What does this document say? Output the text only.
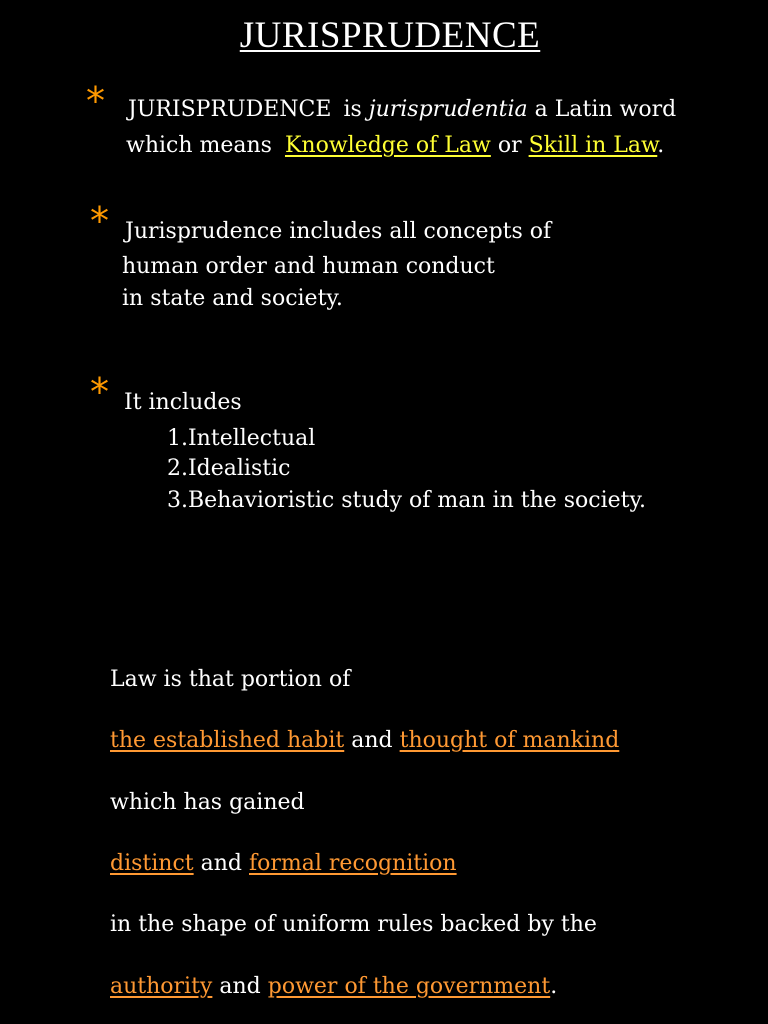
JURISPRUDENCE
* JURISPRUDENCE is jurisprudentia a Latin word
which means Knowledge of Law or Skill in Law.
* Jurisprudence includes all concepts of
human order and human conduct
in state and society.
* It includes
1.Intellectual
2.Idealistic
3.Behavioristic study of man in the society.
Law is that portion of
the established habit and thought of mankind
which has gained
distinct and formal recognition
in the shape of uniform rules backed by the
authority and power of the government.
